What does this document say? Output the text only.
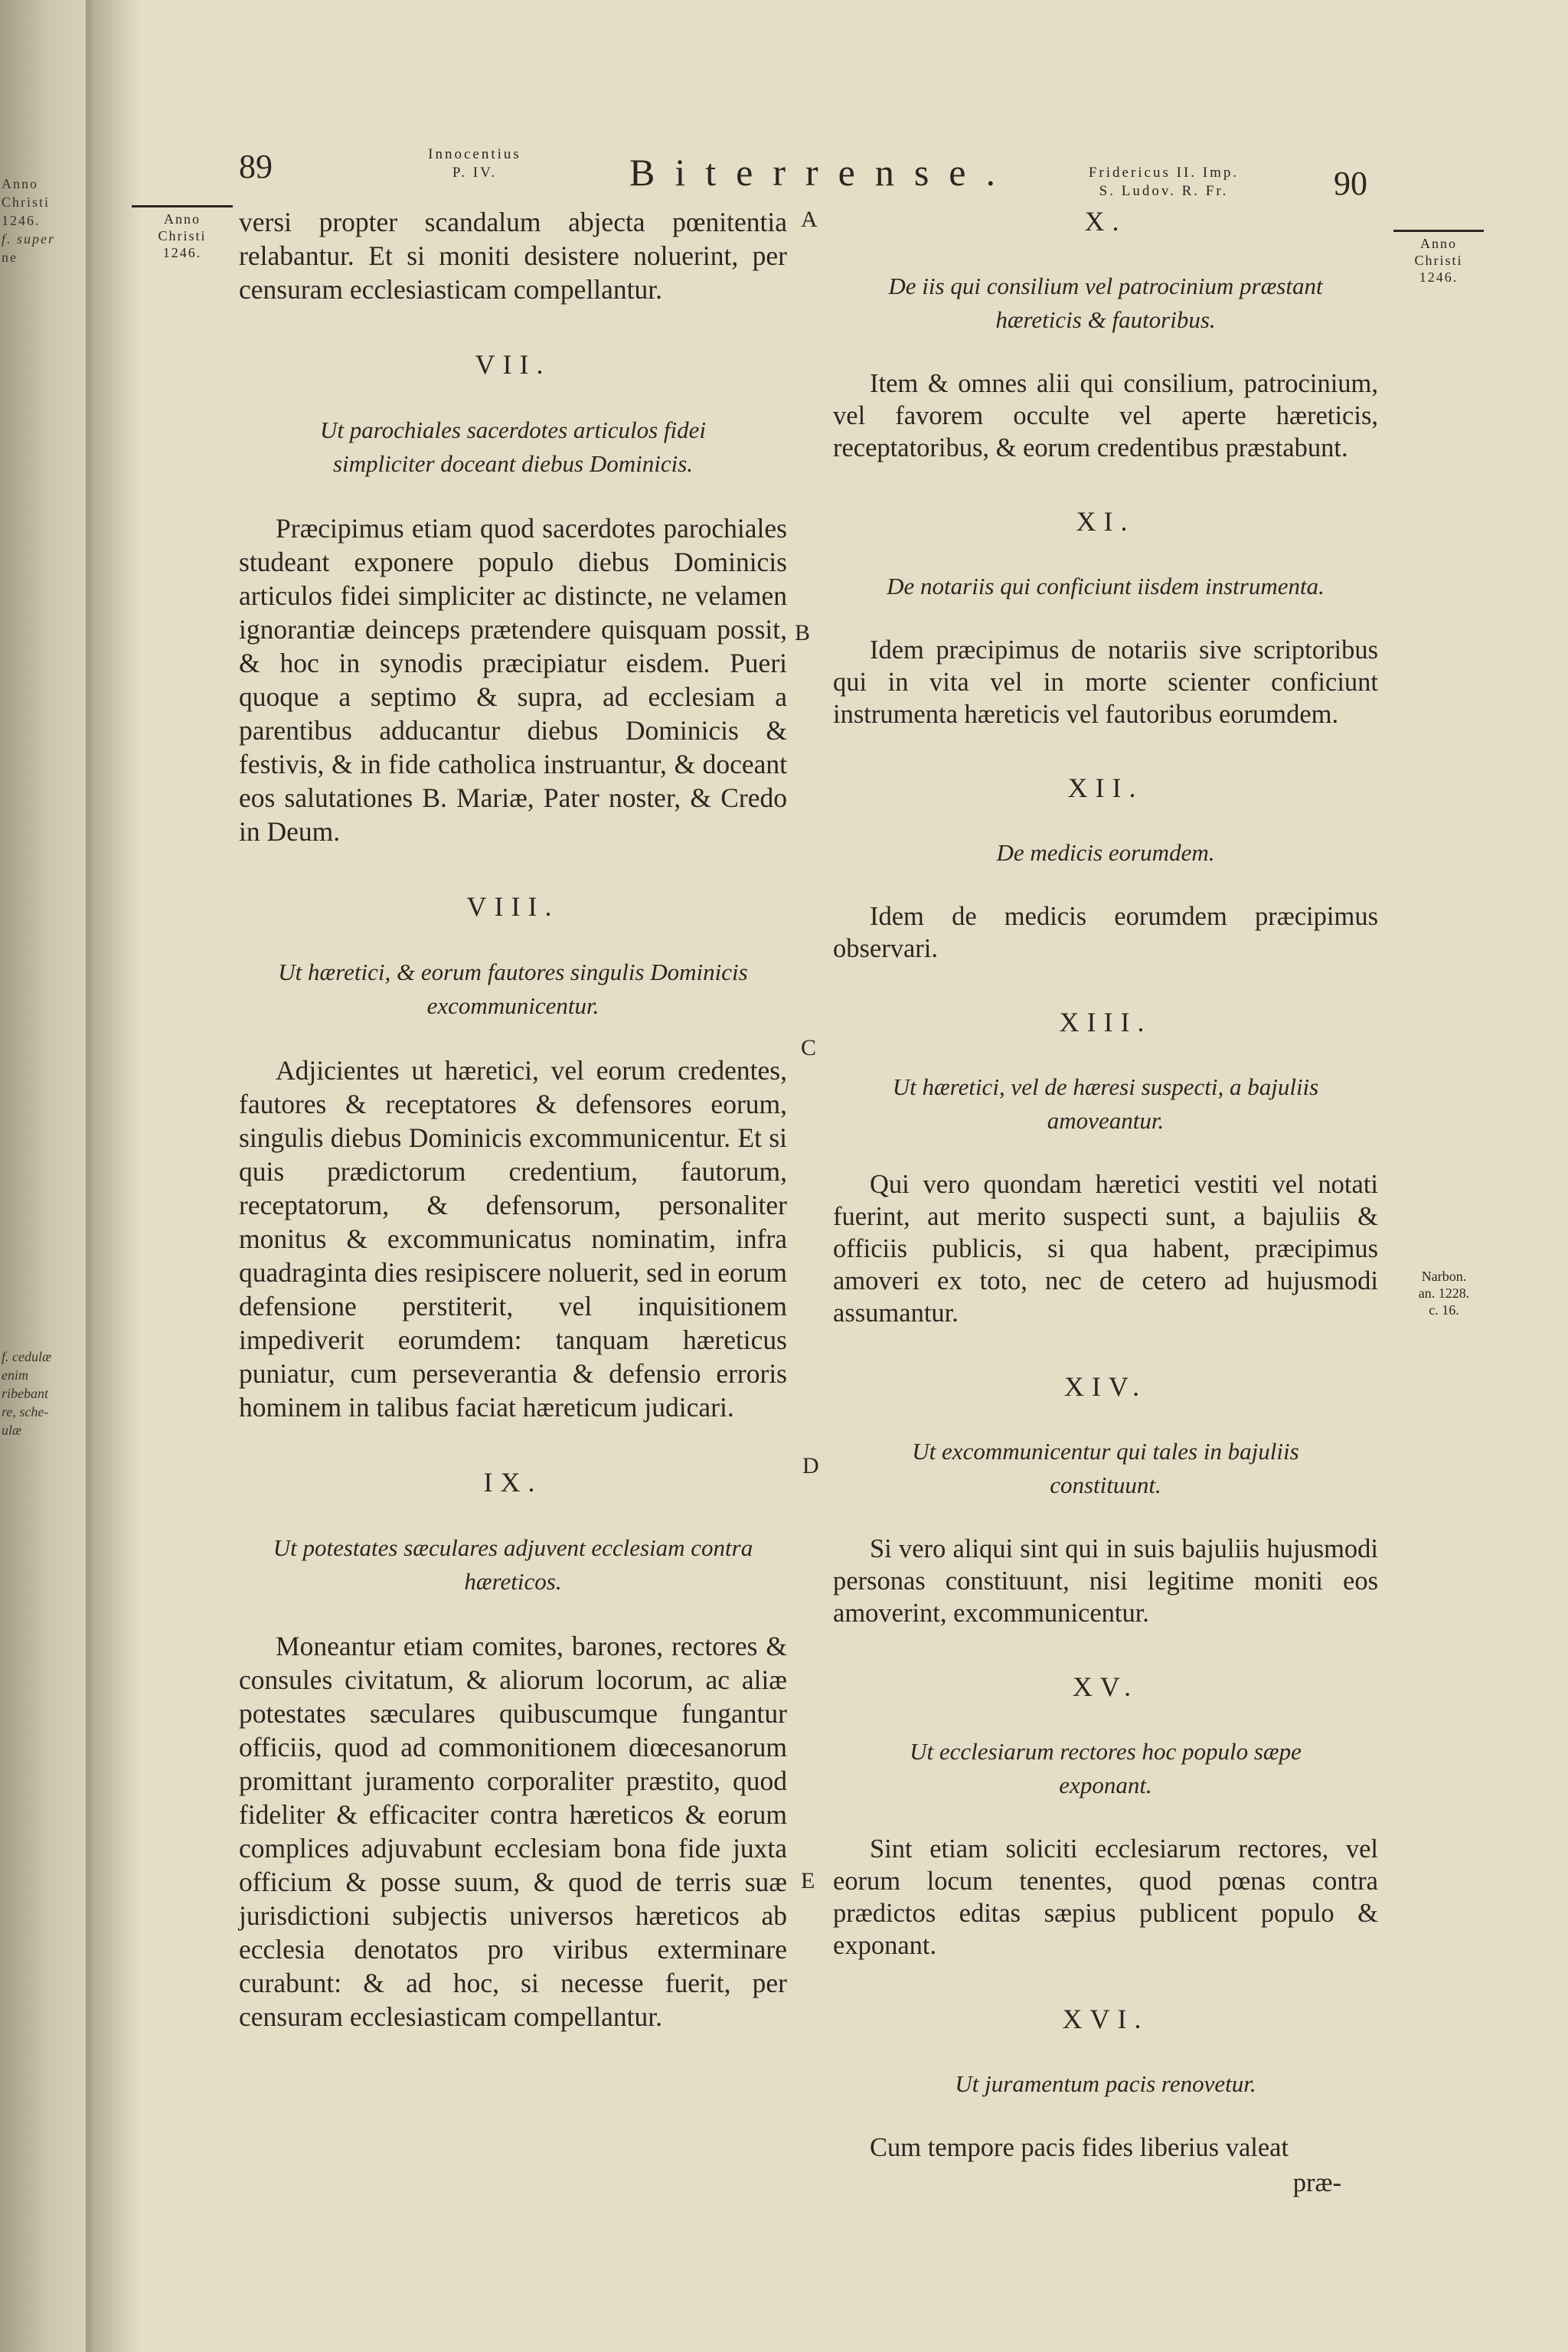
Anno
Christi
1246.
f. super
ne
f. cedulæ
enim
ribebant
re, sche-
ulæ
89	Innocentius
P. IV.	Biterrense.	Fridericus II. Imp.
S. Ludov. R. Fr.	90
Anno
Christi
1246.
Anno
Christi
1246.
Narbon.
an. 1228.
c. 16.
A
B
C
D
E

versi propter scandalum abjecta pœnitentia relabantur. Et si moniti desistere noluerint, per censuram ecclesiasticam compellantur.

VII.
Ut parochiales sacerdotes articulos fidei simpliciter doceant diebus Dominicis.

Præcipimus etiam quod sacerdotes parochiales studeant exponere populo diebus Dominicis articulos fidei simpliciter ac distincte, ne velamen ignorantiæ deinceps prætendere quisquam possit, & hoc in synodis præcipiatur eisdem. Pueri quoque a septimo & supra, ad ecclesiam a parentibus adducantur diebus Dominicis & festivis, & in fide catholica instruantur, & doceant eos salutationes B. Mariæ, Pater noster, & Credo in Deum.

VIII.
Ut hæretici, & eorum fautores singulis Dominicis excommunicentur.

Adjicientes ut hæretici, vel eorum credentes, fautores & receptatores & defensores eorum, singulis diebus Dominicis excommunicentur. Et si quis prædictorum credentium, fautorum, receptatorum, & defensorum, personaliter monitus & excommunicatus nominatim, infra quadraginta dies resipiscere noluerit, sed in eorum defensione perstiterit, vel inquisitionem impediverit eorumdem: tanquam hæreticus puniatur, cum perseverantia & defensio erroris hominem in talibus faciat hæreticum judicari.

IX.
Ut potestates sæculares adjuvent ecclesiam contra hæreticos.

Moneantur etiam comites, barones, rectores & consules civitatum, & aliorum locorum, ac aliæ potestates sæculares quibuscumque fungantur officiis, quod ad commonitionem diœcesanorum promittant juramento corporaliter præstito, quod fideliter & efficaciter contra hæreticos & eorum complices adjuvabunt ecclesiam bona fide juxta officium & posse suum, & quod de terris suæ jurisdictioni subjectis universos hæreticos ab ecclesia denotatos pro viribus exterminare curabunt: & ad hoc, si necesse fuerit, per censuram ecclesiasticam compellantur.

X.
De iis qui consilium vel patrocinium præstant hæreticis & fautoribus.

Item & omnes alii qui consilium, patrocinium, vel favorem occulte vel aperte hæreticis, receptatoribus, & eorum credentibus præstabunt.

XI.
De notariis qui conficiunt iisdem instrumenta.

Idem præcipimus de notariis sive scriptoribus qui in vita vel in morte scienter conficiunt instrumenta hæreticis vel fautoribus eorumdem.

XII.
De medicis eorumdem.

Idem de medicis eorumdem præcipimus observari.

XIII.
Ut hæretici, vel de hæresi suspecti, a bajuliis amoveantur.

Qui vero quondam hæretici vestiti vel notati fuerint, aut merito suspecti sunt, a bajuliis & officiis publicis, si qua habent, præcipimus amoveri ex toto, nec de cetero ad hujusmodi assumantur.

XIV.
Ut excommunicentur qui tales in bajuliis constituunt.

Si vero aliqui sint qui in suis bajuliis hujusmodi personas constituunt, nisi legitime moniti eos amoverint, excommunicentur.

XV.
Ut ecclesiarum rectores hoc populo sæpe exponant.

Sint etiam soliciti ecclesiarum rectores, vel eorum locum tenentes, quod pœnas contra prædictos editas sæpius publicent populo & exponant.

XVI.
Ut juramentum pacis renovetur.

Cum tempore pacis fides liberius valeat

præ-
